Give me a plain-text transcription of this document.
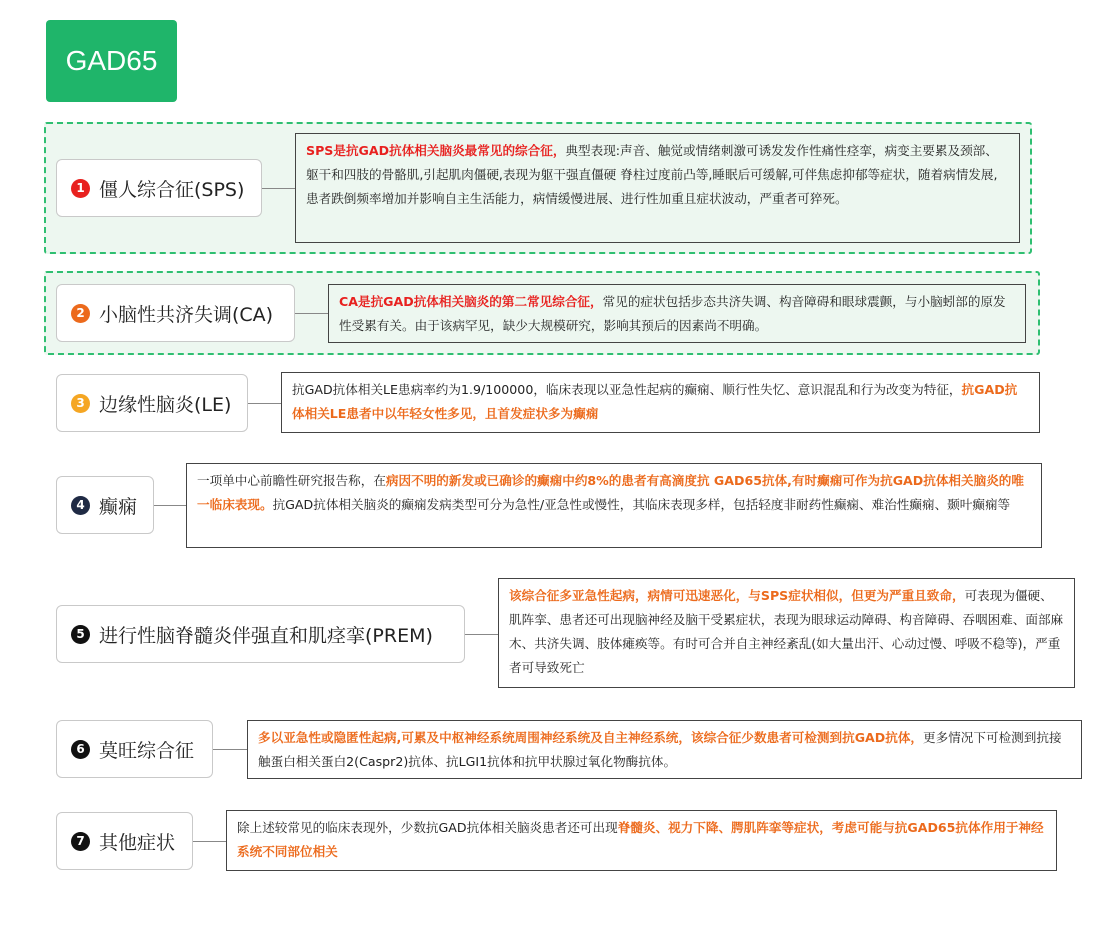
GAD65
1 僵人综合征(SPS)
SPS是抗GAD抗体相关脑炎最常见的综合征，典型表现:声音、触觉或情绪刺激可诱发发作性痛性痉挛，病变主要累及颈部、躯干和四肢的骨骼肌,引起肌肉僵硬,表现为躯干强直僵硬 脊柱过度前凸等,睡眠后可缓解,可伴焦虑抑郁等症状，随着病情发展,患者跌倒频率增加并影响自主生活能力，病情缓慢进展、进行性加重且症状波动，严重者可猝死。
2 小脑性共济失调(CA)
CA是抗GAD抗体相关脑炎的第二常见综合征，常见的症状包括步态共济失调、构音障碍和眼球震颤，与小脑蚓部的原发性受累有关。由于该病罕见，缺少大规模研究，影响其预后的因素尚不明确。
3 边缘性脑炎(LE)
抗GAD抗体相关LE患病率约为1.9/100000，临床表现以亚急性起病的癫痫、顺行性失忆、意识混乱和行为改变为特征，抗GAD抗体相关LE患者中以年轻女性多见，且首发症状多为癫痫
4 癫痫
一项单中心前瞻性研究报告称，在病因不明的新发或已确诊的癫痫中约8%的患者有高滴度抗 GAD65抗体,有时癫痫可作为抗GAD抗体相关脑炎的唯一临床表现。抗GAD抗体相关脑炎的癫痫发病类型可分为急性/亚急性或慢性，其临床表现多样，包括轻度非耐药性癫痫、难治性癫痫、颞叶癫痫等
5 进行性脑脊髓炎伴强直和肌痉挛(PREM)
该综合征多亚急性起病，病情可迅速恶化，与SPS症状相似，但更为严重且致命，可表现为僵硬、肌阵挛、患者还可出现脑神经及脑干受累症状，表现为眼球运动障碍、构音障碍、吞咽困难、面部麻木、共济失调、肢体瘫痪等。有时可合并自主神经紊乱(如大量出汗、心动过慢、呼吸不稳等)，严重者可导致死亡
6 莫旺综合征
多以亚急性或隐匿性起病,可累及中枢神经系统周围神经系统及自主神经系统，该综合征少数患者可检测到抗GAD抗体，更多情况下可检测到抗接触蛋白相关蛋白2(Caspr2)抗体、抗LGI1抗体和抗甲状腺过氧化物酶抗体。
7 其他症状
除上述较常见的临床表现外，少数抗GAD抗体相关脑炎患者还可出现脊髓炎、视力下降、腭肌阵挛等症状，考虑可能与抗GAD65抗体作用于神经系统不同部位相关
